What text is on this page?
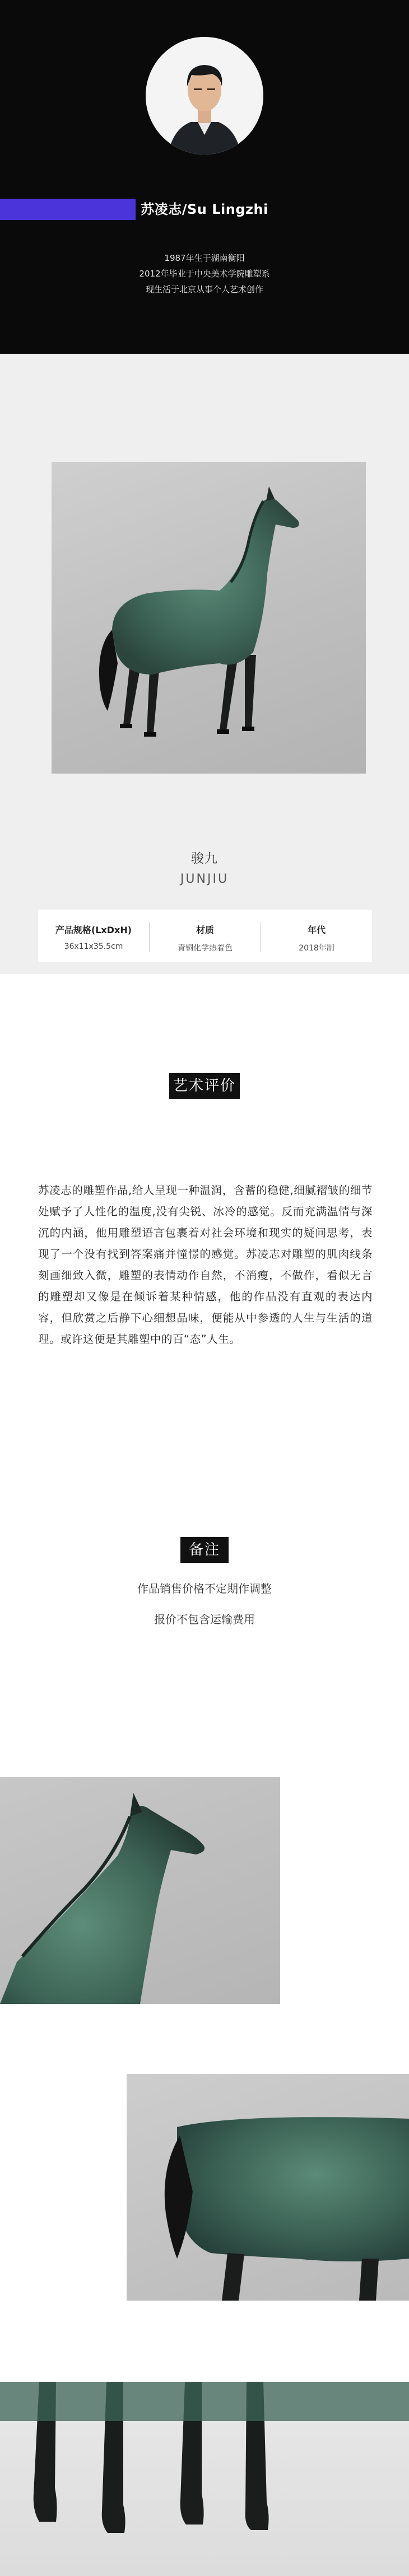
苏凌志/Su Lingzhi
1987年生于湖南衡阳
2012年毕业于中央美术学院雕塑系
现生活于北京从事个人艺术创作
骏九
JUNJIU
产品规格(LxDxH)
36x11x35.5cm
材质
青铜化学热着色
年代
2018年制
艺术评价
苏凌志的雕塑作品,给人呈现一种温润，含蓄的稳健,细腻褶皱的细节处赋予了人性化的温度,没有尖锐、冰冷的感觉。反而充满温情与深沉的内涵，他用雕塑语言包裹着对社会环境和现实的疑问思考，表现了一个没有找到答案痛并憧憬的感觉。苏凌志对雕塑的肌肉线条刻画细致入微，雕塑的表情动作自然，不消瘦，不做作，看似无言的雕塑却又像是在倾诉着某种情感，他的作品没有直观的表达内容，但欣赏之后静下心细想品味，便能从中参透的人生与生活的道理。或许这便是其雕塑中的百“态”人生。
备注
作品销售价格不定期作调整
报价不包含运输费用
